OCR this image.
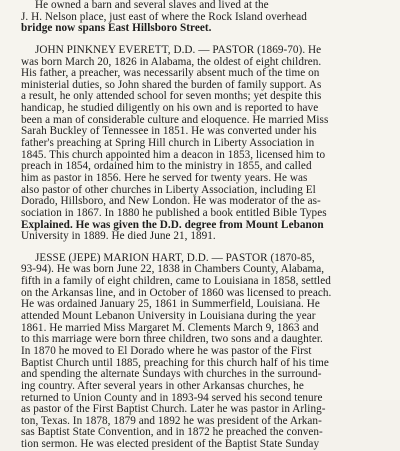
He owned a barn and several slaves and lived at the
J. H. Nelson place, just east of where the Rock Island overhead
bridge now spans East Hillsboro Street.
JOHN PINKNEY EVERETT, D.D. — PASTOR (1869-70). He
was born March 20, 1826 in Alabama, the oldest of eight children.
His father, a preacher, was necessarily absent much of the time on
ministerial duties, so John shared the burden of family support. As
a result, he only attended school for seven months; yet despite this
handicap, he studied diligently on his own and is reported to have
been a man of considerable culture and eloquence. He married Miss
Sarah Buckley of Tennessee in 1851. He was converted under his
father's preaching at Spring Hill church in Liberty Association in
1845. This church appointed him a deacon in 1853, licensed him to
preach in 1854, ordained him to the ministry in 1855, and called
him as pastor in 1856. Here he served for twenty years. He was
also pastor of other churches in Liberty Association, including El
Dorado, Hillsboro, and New London. He was moderator of the as-
sociation in 1867. In 1880 he published a book entitled Bible Types
Explained. He was given the D.D. degree from Mount Lebanon
University in 1889. He died June 21, 1891.
JESSE (JEPE) MARION HART, D.D. — PASTOR (1870-85,
93-94). He was born June 22, 1838 in Chambers County, Alabama,
fifth in a family of eight children, came to Louisiana in 1858, settled
on the Arkansas line, and in October of 1860 was licensed to preach.
He was ordained January 25, 1861 in Summerfield, Louisiana. He
attended Mount Lebanon University in Louisiana during the year
1861. He married Miss Margaret M. Clements March 9, 1863 and
to this marriage were born three children, two sons and a daughter.
In 1870 he moved to El Dorado where he was pastor of the First
Baptist Church until 1885, preaching for this church half of his time
and spending the alternate Sundays with churches in the surround-
ing country. After several years in other Arkansas churches, he
returned to Union County and in 1893-94 served his second tenure
as pastor of the First Baptist Church. Later he was pastor in Arling-
ton, Texas. In 1878, 1879 and 1892 he was president of the Arkan-
sas Baptist State Convention, and in 1872 he preached the conven-
tion sermon. He was elected president of the Baptist State Sunday
